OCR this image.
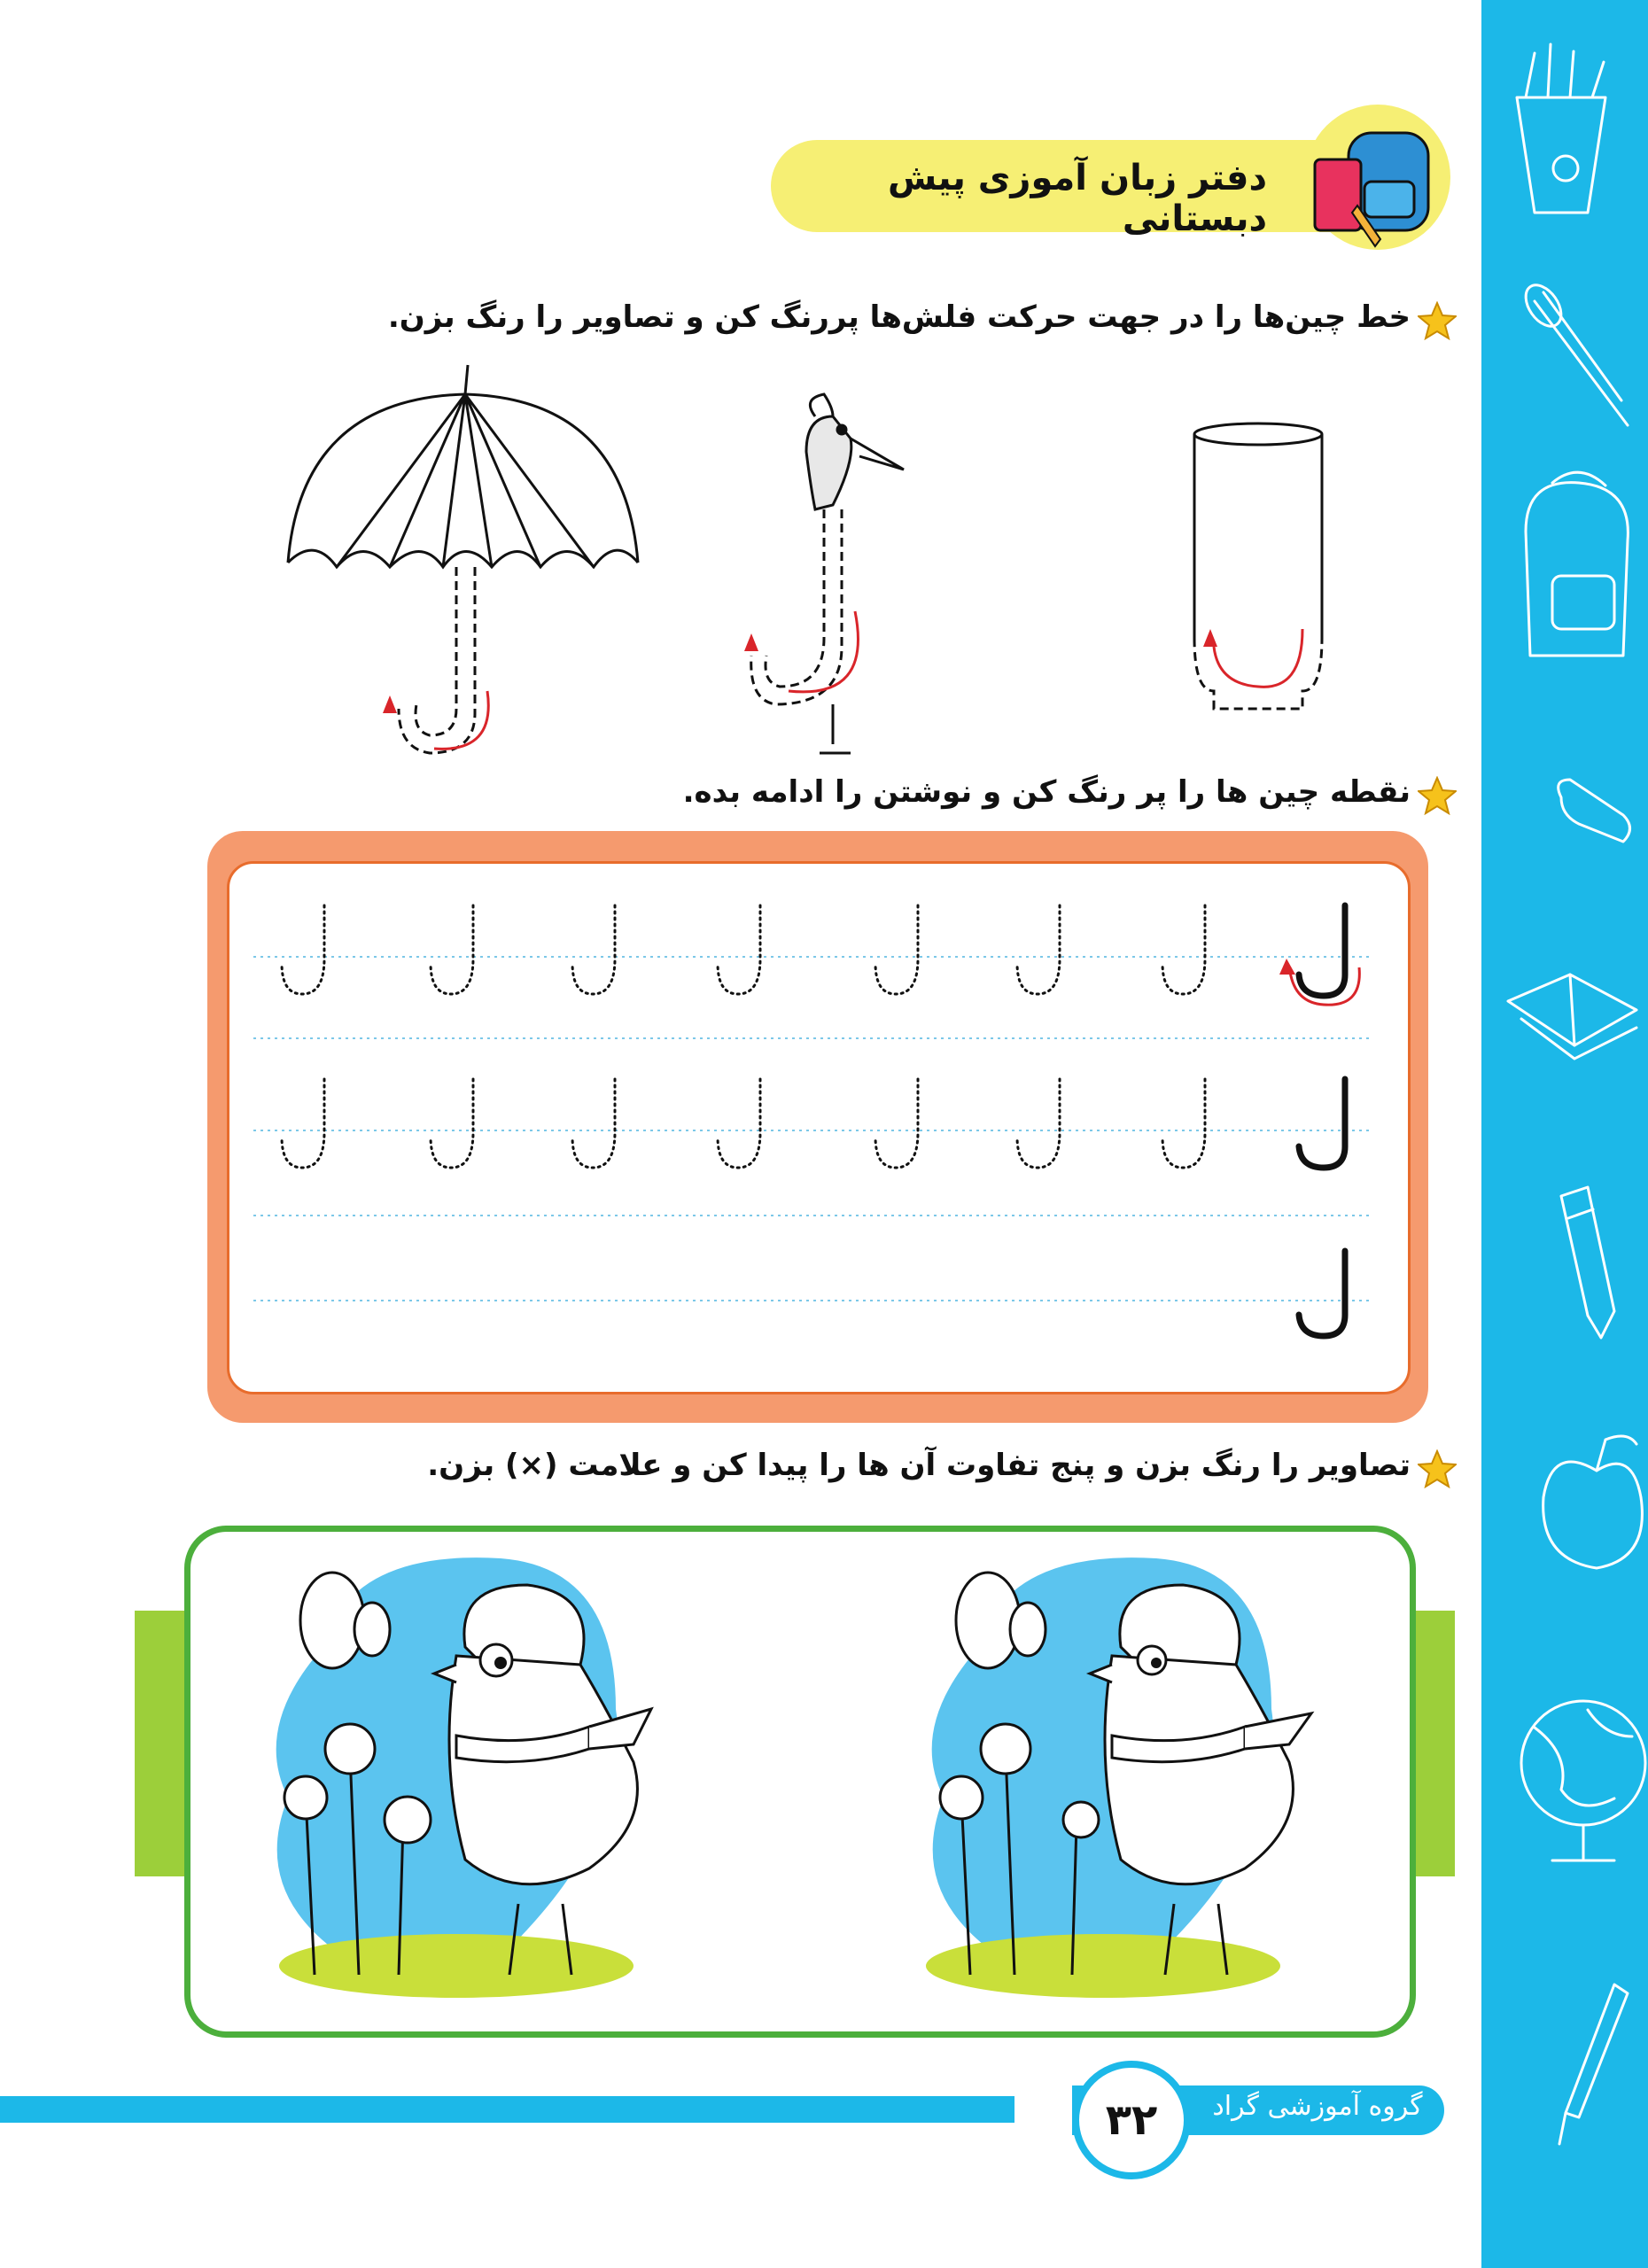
دفتر زبان آموزی پیش دبستانی
خط چین‌ها را در جهت حرکت فلش‌ها پررنگ کن و تصاویر را رنگ بزن.
نقطه چین ها را پر رنگ کن و نوشتن را ادامه بده.
تصاویر را رنگ بزن و پنج تفاوت آن ها را پیدا کن و علامت (×) بزن.
گروه آموزشی گراد
۳۲
